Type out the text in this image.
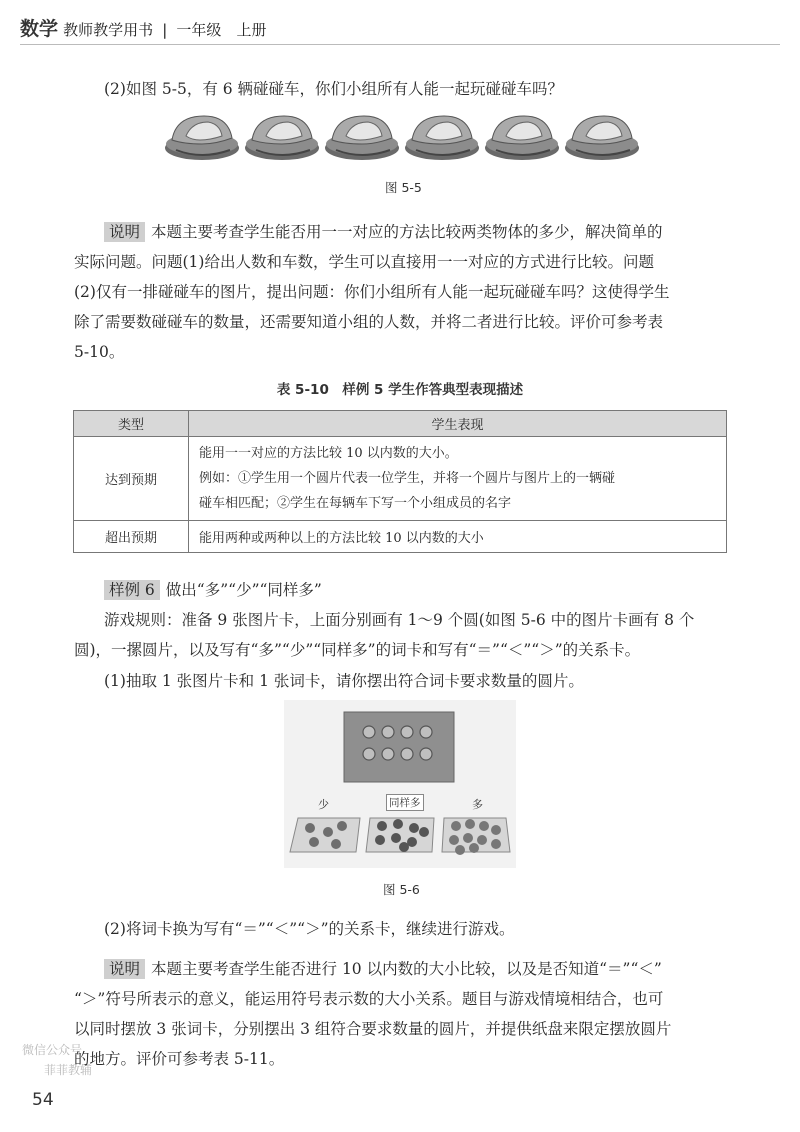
数学 教师教学用书 | 一年级 上册
(2)如图 5-5，有 6 辆碰碰车，你们小组所有人能一起玩碰碰车吗？
图 5-5
说明 本题主要考查学生能否用一一对应的方法比较两类物体的多少，解决简单的
实际问题。问题(1)给出人数和车数，学生可以直接用一一对应的方式进行比较。问题
(2)仅有一排碰碰车的图片，提出问题：你们小组所有人能一起玩碰碰车吗？这使得学生
除了需要数碰碰车的数量，还需要知道小组的人数，并将二者进行比较。评价可参考表
5-10。
表 5-10　样例 5 学生作答典型表现描述
类型	学生表现
达到预期	能用一一对应的方法比较 10 以内数的大小。
例如：①学生用一个圆片代表一位学生，并将一个圆片与图片上的一辆碰
碰车相匹配；②学生在每辆车下写一个小组成员的名字

超出预期	能用两种或两种以上的方法比较 10 以内数的大小
样例 6 做出“多”“少”“同样多”
游戏规则：准备 9 张图片卡，上面分别画有 1～9 个圆(如图 5-6 中的图片卡画有 8 个
圆)，一摞圆片，以及写有“多”“少”“同样多”的词卡和写有“＝”“＜”“＞”的关系卡。
(1)抽取 1 张图片卡和 1 张词卡，请你摆出符合词卡要求数量的圆片。
少	同样多	多
图 5-6
(2)将词卡换为写有“＝”“＜”“＞”的关系卡，继续进行游戏。
说明 本题主要考查学生能否进行 10 以内数的大小比较，以及是否知道“＝”“＜”
“＞”符号所表示的意义，能运用符号表示数的大小关系。题目与游戏情境相结合，也可
以同时摆放 3 张词卡，分别摆出 3 组符合要求数量的圆片，并提供纸盘来限定摆放圆片
的地方。评价可参考表 5-11。
微信公众号
菲菲教辅
54
